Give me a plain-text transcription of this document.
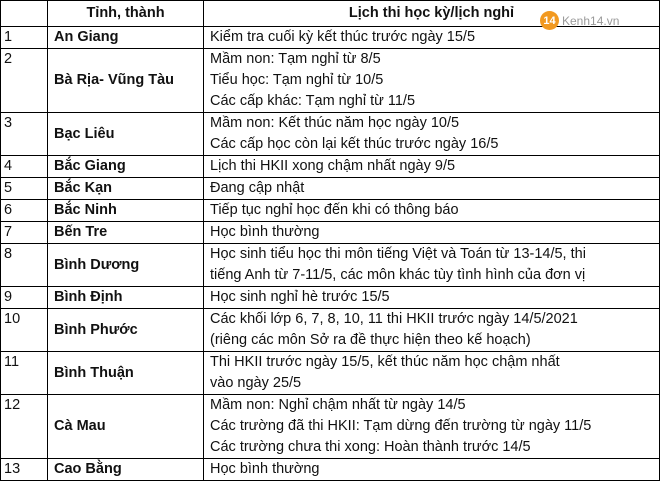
	Tỉnh, thành	Lịch thi học kỳ/lịch nghỉ
1	An Giang	Kiểm tra cuối kỳ kết thúc trước ngày 15/5

2	Bà Rịa- Vũng Tàu	Mầm non: Tạm nghỉ từ 8/5
Tiểu học: Tạm nghỉ từ 10/5
Các cấp khác: Tạm nghỉ từ 11/5

3	Bạc Liêu	Mầm non: Kết thúc năm học ngày 10/5
Các cấp học còn lại kết thúc trước ngày 16/5

4	Bắc Giang	Lịch thi HKII xong chậm nhất ngày 9/5

5	Bắc Kạn	Đang cập nhật

6	Bắc Ninh	Tiếp tục nghỉ học đến khi có thông báo

7	Bến Tre	Học bình thường

8	Bình Dương	Học sinh tiểu học thi môn tiếng Việt và Toán từ 13-14/5, thi
tiếng Anh từ 7-11/5, các môn khác tùy tình hình của đơn vị

9	Bình Định	Học sinh nghỉ hè trước 15/5

10	Bình Phước	Các khối lớp 6, 7, 8, 10, 11 thi HKII trước ngày 14/5/2021
(riêng các môn Sở ra đề thực hiện theo kế hoạch)

11	Bình Thuận	Thi HKII trước ngày 15/5, kết thúc năm học chậm nhất
vào ngày 25/5

12	Cà Mau	Mầm non: Nghỉ chậm nhất từ ngày 14/5
Các trường đã thi HKII: Tạm dừng đến trường từ ngày 11/5
Các trường chưa thi xong: Hoàn thành trước 14/5

13	Cao Bằng	Học bình thường
14 Kenh14.vn
